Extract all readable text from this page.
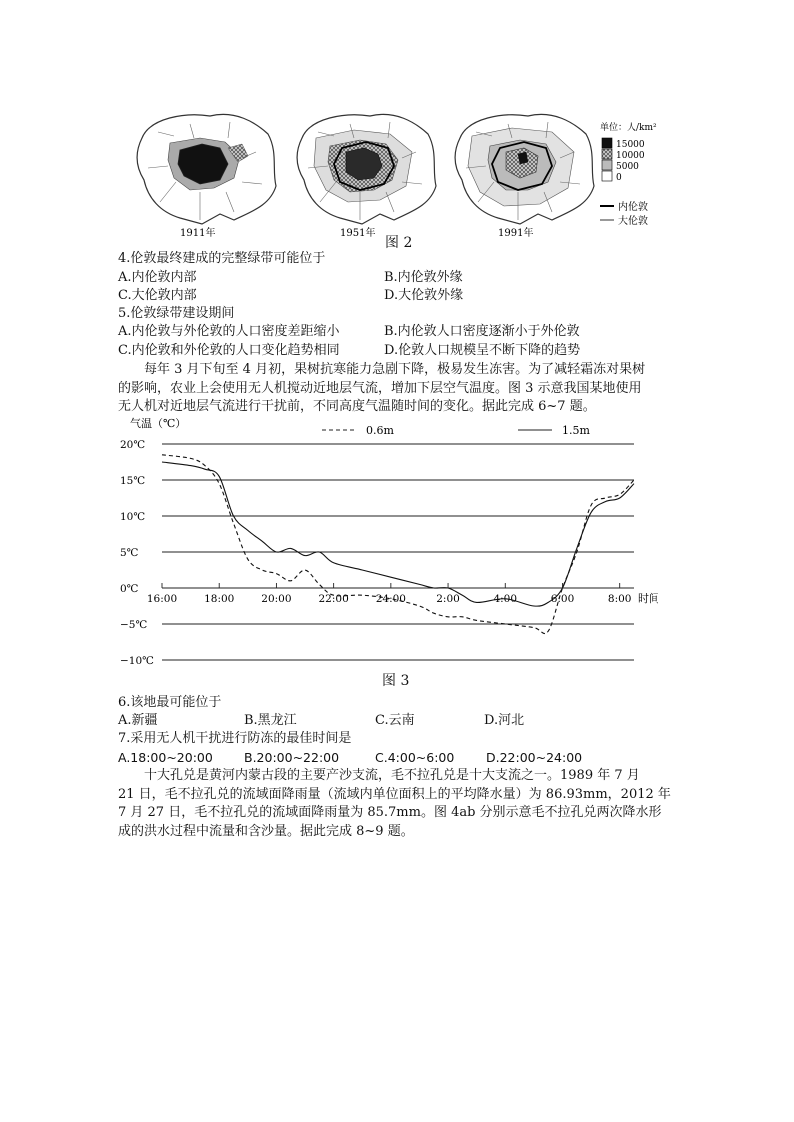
1911年	1951年	1991年
单位：人/km²
15000
10000
5000
0
内伦敦
大伦敦
图 2
4.伦敦最终建成的完整绿带可能位于
A.内伦敦内部	B.内伦敦外缘
C.大伦敦内部	D.大伦敦外缘
5.伦敦绿带建设期间
A.内伦敦与外伦敦的人口密度差距缩小	B.内伦敦人口密度逐渐小于外伦敦
C.内伦敦和外伦敦的人口变化趋势相同	D.伦敦人口规模呈不断下降的趋势
每年 3 月下旬至 4 月初，果树抗寒能力急剧下降，极易发生冻害。为了减轻霜冻对果树
的影响，农业上会使用无人机搅动近地层气流，增加下层空气温度。图 3 示意我国某地使用
无人机对近地层气流进行干扰前，不同高度气温随时间的变化。据此完成 6~7 题。
气温（℃）
0.6m	1.5m
20℃
15℃
10℃
5℃
0℃
−5℃
−10℃
16:00	18:00	20:00	22:00	24:00	2:00	4:00	6:00	8:00 时间
图 3
6.该地最可能位于
A.新疆	B.黑龙江	C.云南	D.河北
7.采用无人机干扰进行防冻的最佳时间是
A.18:00~20:00 B.20:00~22:00	C.4:00~6:00	D.22:00~24:00
十大孔兑是黄河内蒙古段的主要产沙支流，毛不拉孔兑是十大支流之一。1989 年 7 月
21 日，毛不拉孔兑的流域面降雨量（流域内单位面积上的平均降水量）为 86.93mm，2012 年
7 月 27 日，毛不拉孔兑的流域面降雨量为 85.7mm。图 4ab 分别示意毛不拉孔兑两次降水形
成的洪水过程中流量和含沙量。据此完成 8~9 题。
